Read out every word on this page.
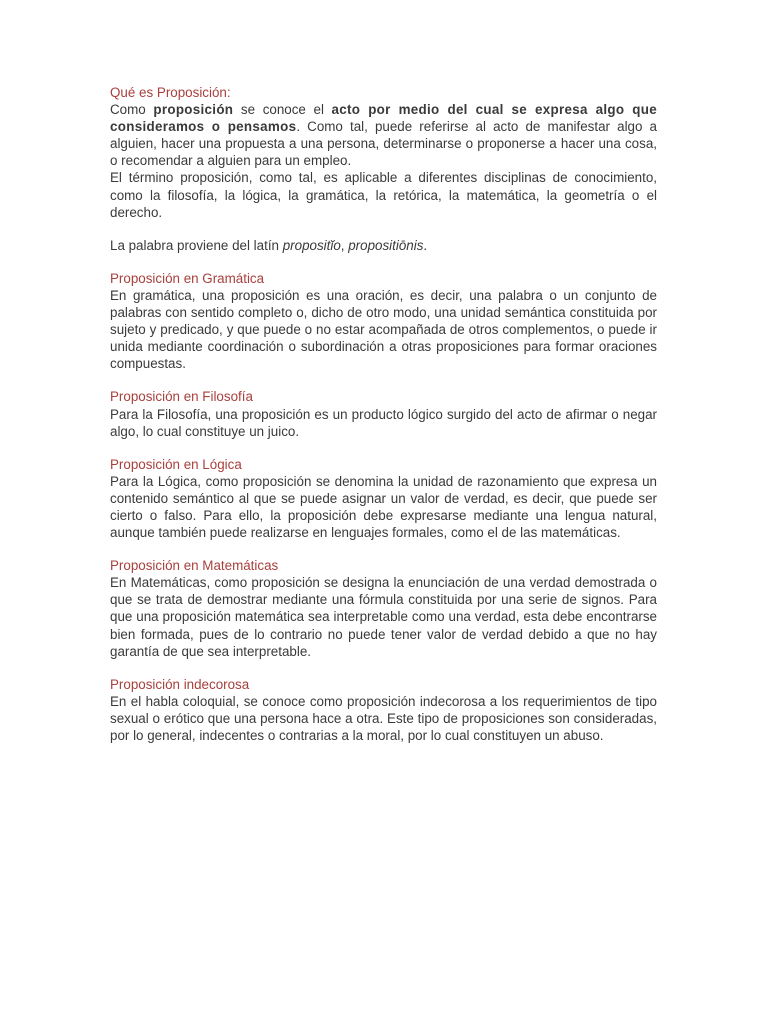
Qué es Proposición:

Como proposición se conoce el acto por medio del cual se expresa algo que consideramos o pensamos. Como tal, puede referirse al acto de manifestar algo a alguien, hacer una propuesta a una persona, determinarse o proponerse a hacer una cosa, o recomendar a alguien para un empleo.

El término proposición, como tal, es aplicable a diferentes disciplinas de conocimiento, como la filosofía, la lógica, la gramática, la retórica, la matemática, la geometría o el derecho.

La palabra proviene del latín propositĭo, propositiōnis.

Proposición en Gramática

En gramática, una proposición es una oración, es decir, una palabra o un conjunto de palabras con sentido completo o, dicho de otro modo, una unidad semántica constituida por sujeto y predicado, y que puede o no estar acompañada de otros complementos, o puede ir unida mediante coordinación o subordinación a otras proposiciones para formar oraciones compuestas.

Proposición en Filosofía

Para la Filosofía, una proposición es un producto lógico surgido del acto de afirmar o negar algo, lo cual constituye un juico.

Proposición en Lógica

Para la Lógica, como proposición se denomina la unidad de razonamiento que expresa un contenido semántico al que se puede asignar un valor de verdad, es decir, que puede ser cierto o falso. Para ello, la proposición debe expresarse mediante una lengua natural, aunque también puede realizarse en lenguajes formales, como el de las matemáticas.

Proposición en Matemáticas

En Matemáticas, como proposición se designa la enunciación de una verdad demostrada o que se trata de demostrar mediante una fórmula constituida por una serie de signos. Para que una proposición matemática sea interpretable como una verdad, esta debe encontrarse bien formada, pues de lo contrario no puede tener valor de verdad debido a que no hay garantía de que sea interpretable.

Proposición indecorosa

En el habla coloquial, se conoce como proposición indecorosa a los requerimientos de tipo sexual o erótico que una persona hace a otra. Este tipo de proposiciones son consideradas, por lo general, indecentes o contrarias a la moral, por lo cual constituyen un abuso.
